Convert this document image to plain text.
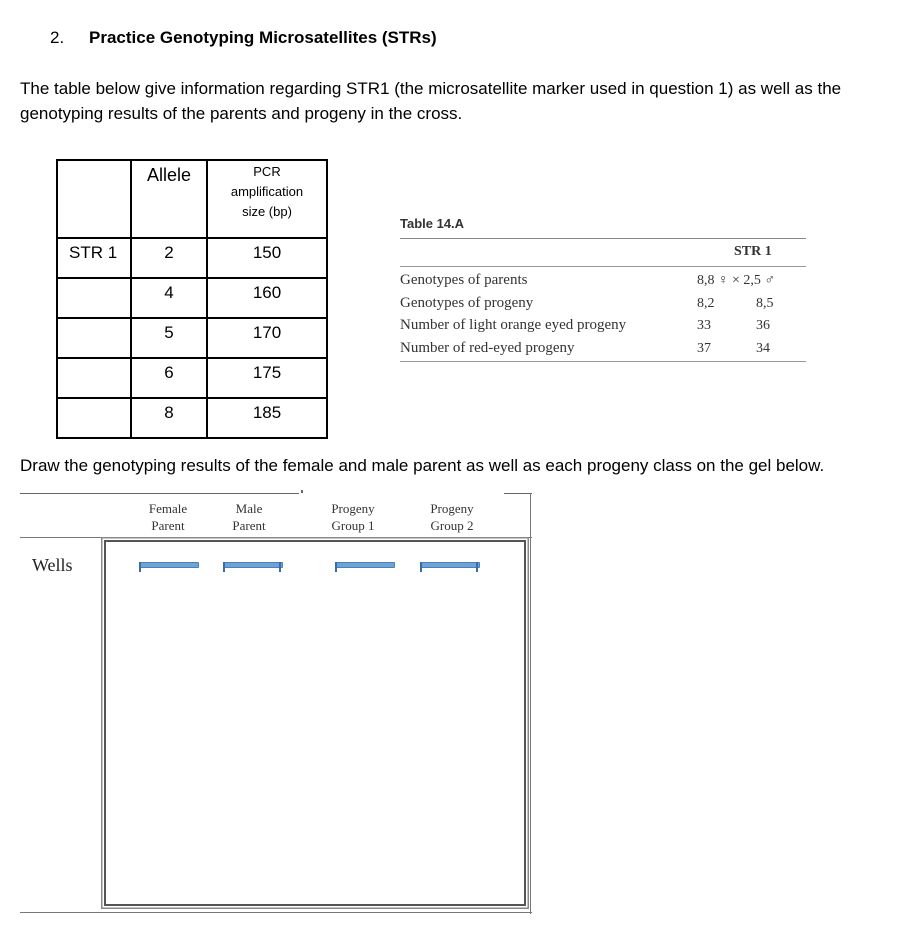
2. Practice Genotyping Microsatellites (STRs)
The table below give information regarding STR1 (the microsatellite marker used in question 1) as well as the genotyping results of the parents and progeny in the cross.
	Allele	PCR
amplification
size (bp)

STR 1	2	150
	4	160
	5	170
	6	175
	8	185
Table 14.A
STR 1
Genotypes of parents	8,8 ♀ × 2,5 ♂
Genotypes of progeny	8,2	8,5
Number of light orange eyed progeny	33	36
Number of red-eyed progeny	37	34
Draw the genotyping results of the female and male parent as well as each progeny class on the gel below.
Female
Parent
Male
Parent
Progeny
Group 1
Progeny
Group 2
Wells
